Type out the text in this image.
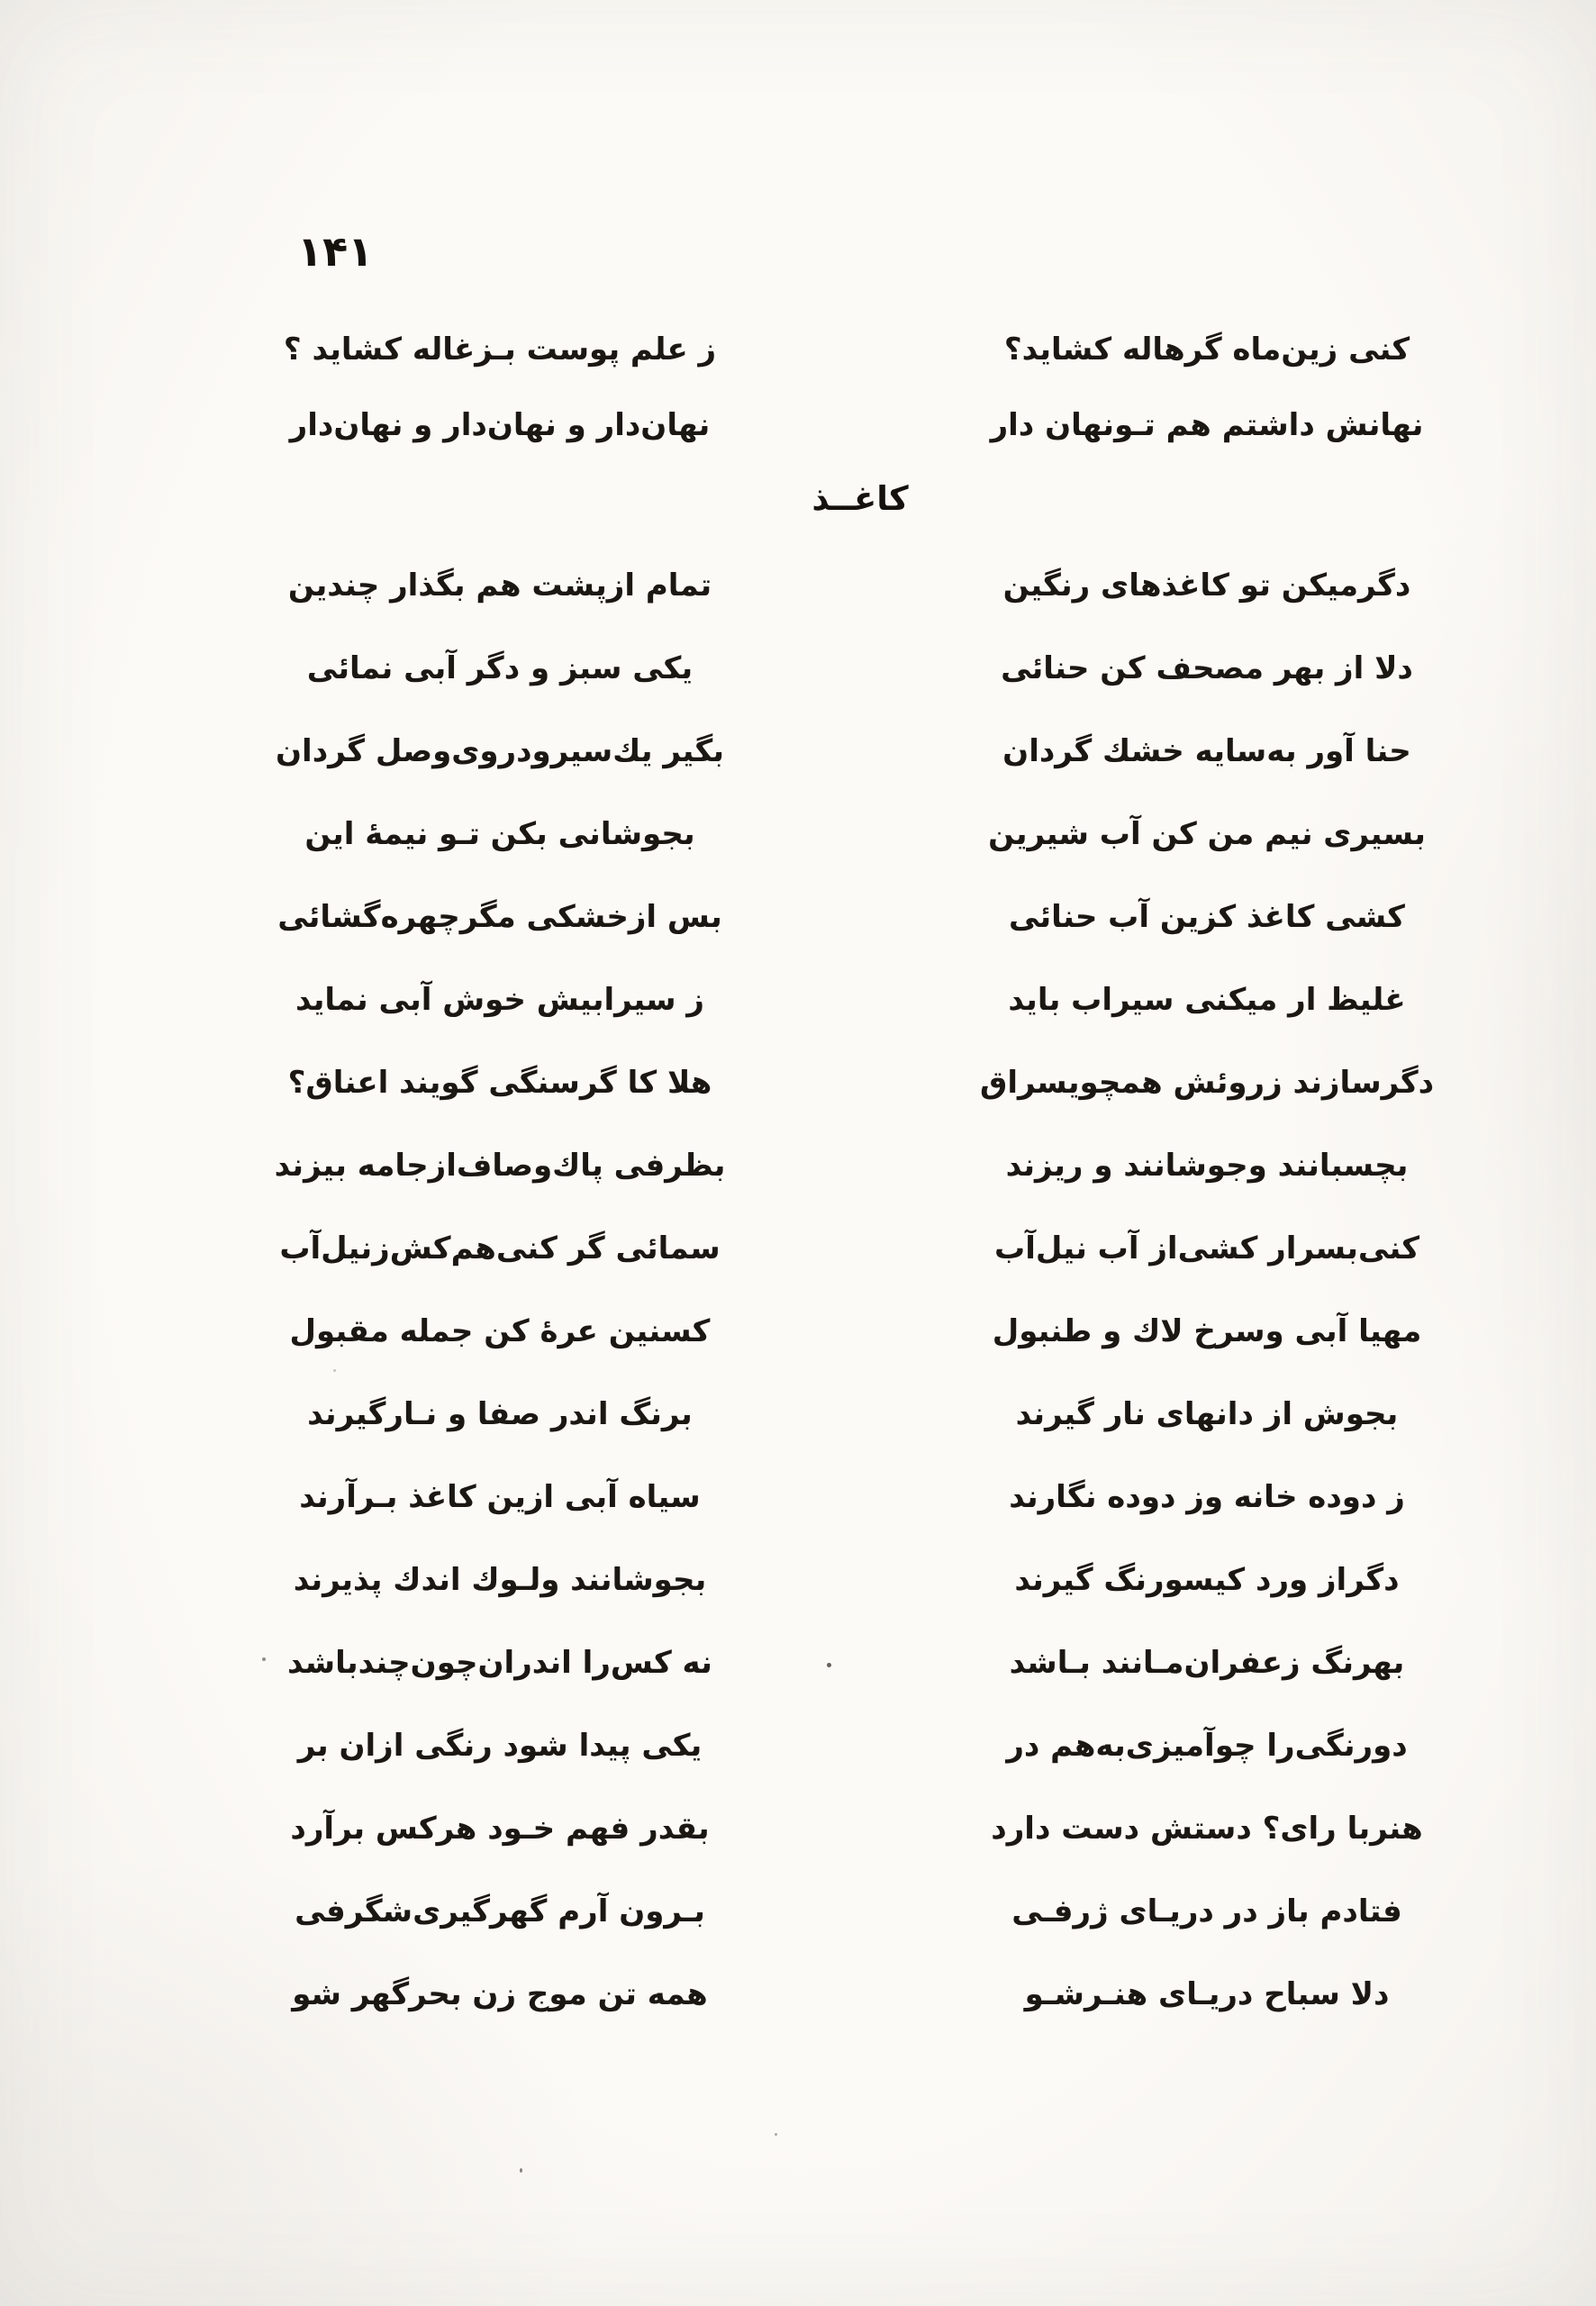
۱۴۱
کنی زین‌ماه گرهاله کشاید؟
ز علم پوست بـزغاله کشاید ؟
نهانش داشتم هم تـونهان دار
نهان‌دار و نهان‌دار و نهان‌دار
کاغــذ
دگرمیکن تو کاغذهای رنگین
تمام ازپشت هم بگذار چندین
دلا از بهر مصحف کن حنائی
یکی سبز و دگر آبی نمائی
حنا آور به‌سایه خشك گردان
بگیر یك‌سیرودروی‌وصل گردان
بسیری نیم من کن آب شیرین
بجوشانی بکن تـو نیمهٔ این
کشی کاغذ کزین آب حنائی
بس ازخشکی مگرچهره‌گشائی
غلیظ ار میکنی سیراب باید
ز سیرابیش خوش آبی نماید
دگرسازند زروئش همچویسراق
هلا کا گرسنگی گویند اعناق؟
بچسبانند وجوشانند و ریزند
بظرفی پاك‌وصاف‌ازجامه بیزند
کنی‌بسرار کشی‌از آب نیل‌آب
سمائی گر کنی‌هم‌کش‌زنیل‌آب
مهیا آبی وسرخ لاك و طنبول
کسنین عرهٔ کن جمله مقبول
بجوش از دانهای نار گیرند
برنگ اندر صفا و نـارگیرند
ز دوده خانه وز دوده نگارند
سیاه آبی ازین کاغذ بـرآرند
دگراز ورد کیسورنگ گیرند
بجوشانند ولـوك اندك پذیرند
بهرنگ زعفران‌مـانند بـاشد
نه کس‌را اندران‌چون‌چندباشد
دورنگی‌را چوآمیزی‌به‌هم در
یکی پیدا شود رنگی ازان بر
هنربا رای؟ دستش دست دارد
بقدر فهم خـود هرکس برآرد
فتادم باز در دریـای ژرفـی
بـرون آرم گهرگیری‌شگرفی
دلا سباح دریـای هنـرشـو
همه تن موج زن بحرگهر شو
